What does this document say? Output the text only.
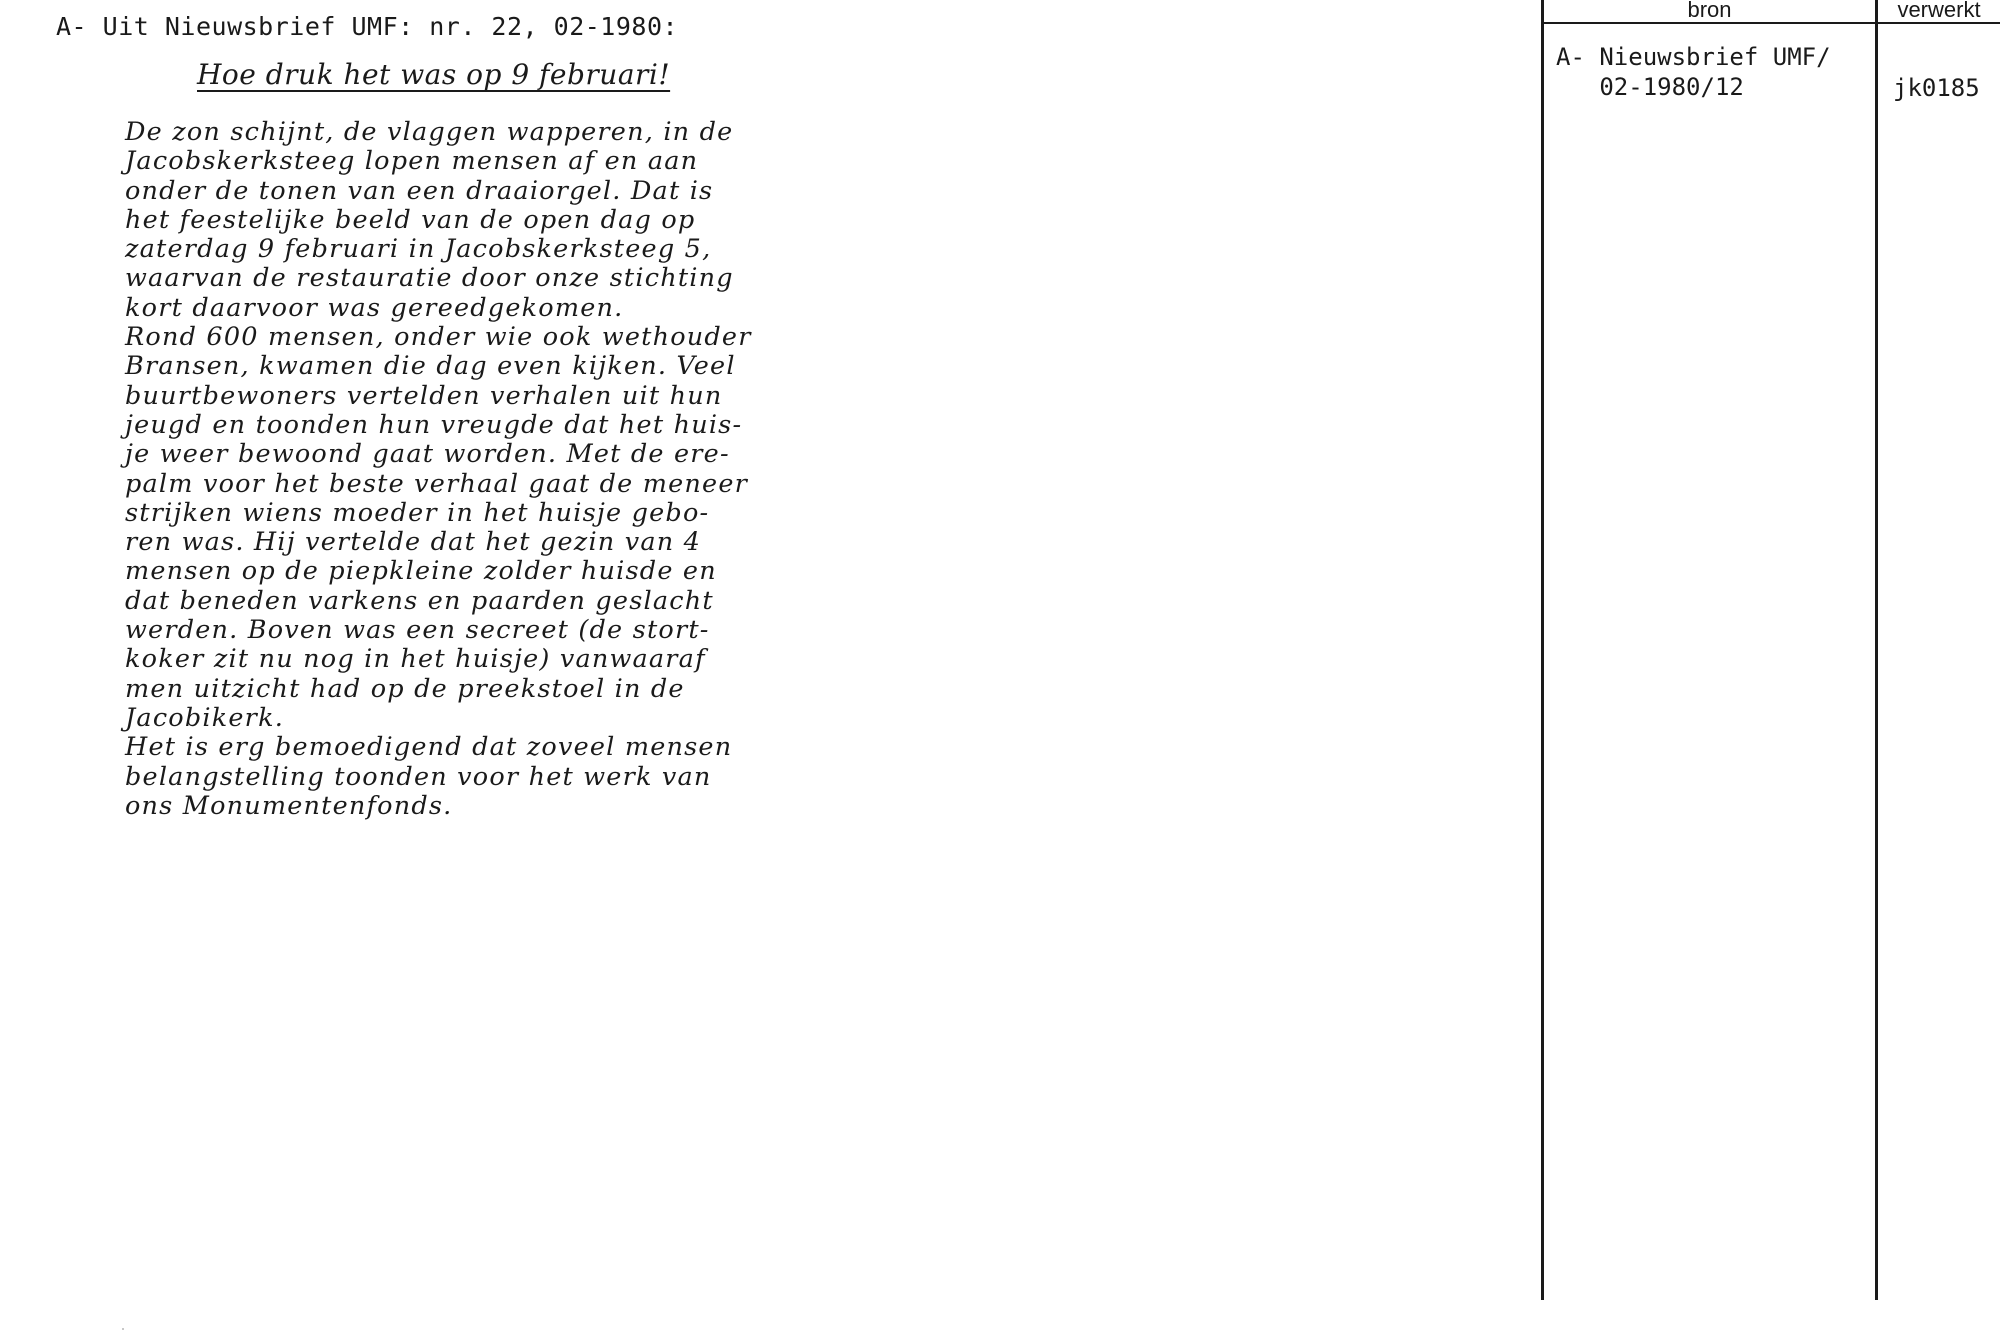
A- Uit Nieuwsbrief UMF: nr. 22, 02-1980:
Hoe druk het was op 9 februari!
De zon schijnt, de vlaggen wapperen, in de
Jacobskerksteeg lopen mensen af en aan
onder de tonen van een draaiorgel. Dat is
het feestelijke beeld van de open dag op
zaterdag 9 februari in Jacobskerksteeg 5,
waarvan de restauratie door onze stichting
kort daarvoor was gereedgekomen.
Rond 600 mensen, onder wie ook wethouder
Bransen, kwamen die dag even kijken. Veel
buurtbewoners vertelden verhalen uit hun
jeugd en toonden hun vreugde dat het huis-
je weer bewoond gaat worden. Met de ere-
palm voor het beste verhaal gaat de meneer
strijken wiens moeder in het huisje gebo-
ren was. Hij vertelde dat het gezin van 4
mensen op de piepkleine zolder huisde en
dat beneden varkens en paarden geslacht
werden. Boven was een secreet (de stort-
koker zit nu nog in het huisje) vanwaaraf
men uitzicht had op de preekstoel in de
Jacobikerk.
Het is erg bemoedigend dat zoveel mensen
belangstelling toonden voor het werk van
ons Monumentenfonds.
bron	verwerkt
A- Nieuwsbrief UMF/
02-1980/12	jk0185
